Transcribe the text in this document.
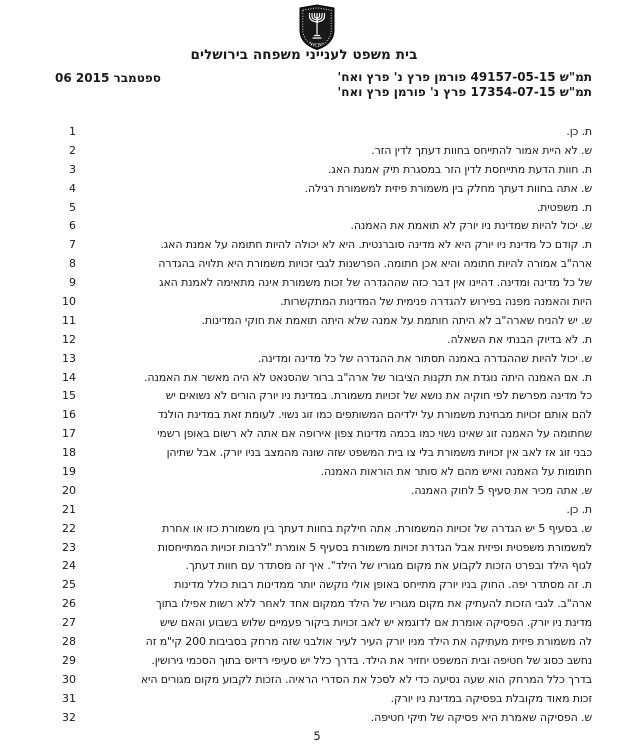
ישראל
בית משפט לענייני משפחה בירושלים
06 ספטמבר 2015	תמ"ש 49157-05-15 פורמן פרץ נ' פרץ ואח'
תמ"ש 17354-07-15 פרץ נ' פורמן פרץ ואח'
1	ת. כן.
2	ש. לא היית אמור להתייחס בחוות דעתך לדין הזר.
3	ת. חוות הדעת מתייחסת לדין הזר במסגרת תיק אמנת האג.
4	ש. אתה בחוות דעתך מחלק בין משמורת פיזית למשמורת רגילה.
5	ת. משפטית.
6	ש. יכול להיות שמדינת ניו יורק לא תואמת את האמנה.
7	ת. קודם כל מדינת ניו יורק היא לא מדינה סוברנטית. היא לא יכולה להיות חתומה על אמנת האג.
8	ארה"ב אמורה להיות חתומה והיא אכן חתומה. הפרשנות לגבי זכויות משמורת היא תלויה בהגדרה
9	של כל מדינה ומדינה. דהיינו אין דבר כזה שההגדרה של זכות משמורת אינה מתאימה לאמנת האג
10	היות והאמנה מפנה בפירוש להגדרה פנימית של המדינות המתקשרות.
11	ש. יש להניח שארה"ב לא היתה חותמת על אמנה שלא היתה תואמת את חוקי המדינות.
12	ת. לא בדיוק הבנתי את השאלה.
13	ש. יכול להיות שההגדרה באמנה תסתור את ההגדרה של כל מדינה ומדינה.
14	ת. אם האמנה היתה נוגדת את תקנות הציבור של ארה"ב ברור שהסנאט לא היה מאשר את האמנה.
15	כל מדינה מפרשת לפי חוקיה את נושא של זכויות משמורת. במדינת ניו יורק הורים לא נשואים יש
16	להם אותם זכויות מבחינת משמורת על ילדיהם המשותפים כמו זוג נשוי. לעומת זאת במדינת הולנד
17	שחתומה על האמנה זוג שאינו נשוי כמו בכמה מדינות צפון אירופה אם אתה לא רשום באופן רשמי
18	כבני זוג אז לאב אין זכויות משמורת בלי צו בית המשפט שזה שונה מהמצב בניו יורק. אבל שתיהן
19	חתומות על האמנה ואיש מהם לא סותר את הוראות האמנה.
20	ש. אתה מכיר את סעיף 5 לחוק האמנה.
21	ת. כן.
22	ש. בסעיף 5 יש הגדרה של זכויות המשמורת. אתה חילקת בחוות דעתך בין משמורת כזו או אחרת
23	למשמורת משפטית ופיזית אבל הגדרת זכויות משמורת בסעיף 5 אומרת "לרבות זכויות המתייחסות
24	לגוף הילד ובפרט הזכות לקבוע את מקום מגוריו של הילד". איך זה מסתדר עם חוות דעתך.
25	ת. זה מסתדר יפה. החוק בניו יורק מתייחס באופן אולי נוקשה יותר ממדינות רבות כולל מדינות
26	ארה"ב. לגבי הזכות להעתיק את מקום מגוריו של הילד ממקום אחד לאחר ללא רשות אפילו בתוך
27	מדינת ניו יורק. הפסיקה אומרת אם לדוגמא יש לאב זכויות ביקור פעמיים שלוש בשבוע והאם שיש
28	לה משמורת פיזית מעתיקה את הילד מניו יורק העיר לעיר אולבני שזה מרחק בסביבות 200 קי"מ זה
29	נחשב כסוג של חטיפה ובית המשפט יחזיר את הילד. בדרך כלל יש סעיפי רדיוס בתוך הסכמי גירושין.
30	בדרך כלל המרחק הוא שעה נסיעה כדי לא לסכל את הסדרי הראיה. הזכות לקבוע מקום מגורים היא
31	זכות מאוד מקובלת בפסיקה במדינת ניו יורק.
32	ש. הפסיקה שאמרת היא פסיקה של תיקי חטיפה.
5
